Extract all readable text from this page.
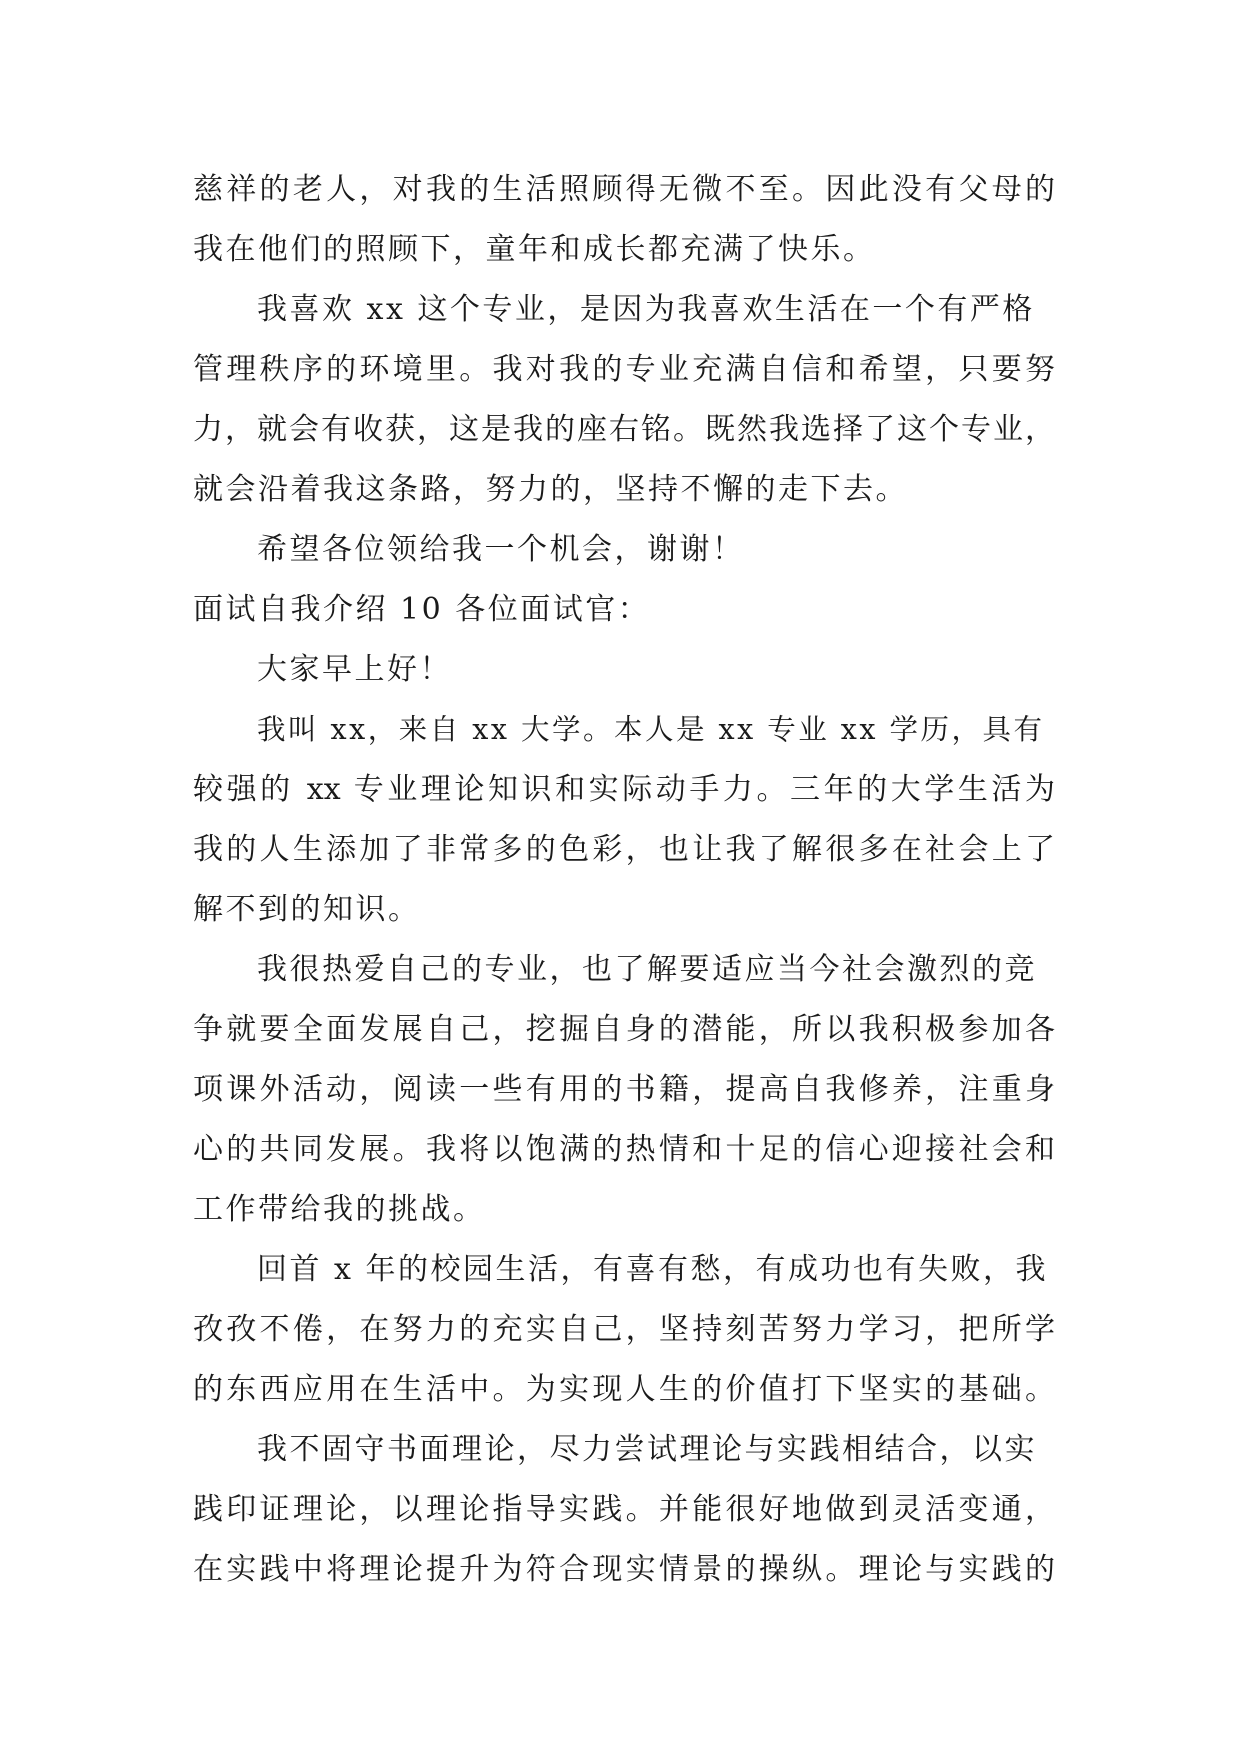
慈祥的老人，对我的生活照顾得无微不至。因此没有父母的
我在他们的照顾下，童年和成长都充满了快乐。
我喜欢 xx 这个专业，是因为我喜欢生活在一个有严格
管理秩序的环境里。我对我的专业充满自信和希望，只要努
力，就会有收获，这是我的座右铭。既然我选择了这个专业，
就会沿着我这条路，努力的，坚持不懈的走下去。
希望各位领给我一个机会，谢谢！
面试自我介绍 10 各位面试官：
大家早上好！
我叫 xx，来自 xx 大学。本人是 xx 专业 xx 学历，具有
较强的 xx 专业理论知识和实际动手力。三年的大学生活为
我的人生添加了非常多的色彩，也让我了解很多在社会上了
解不到的知识。
我很热爱自己的专业，也了解要适应当今社会激烈的竞
争就要全面发展自己，挖掘自身的潜能，所以我积极参加各
项课外活动，阅读一些有用的书籍，提高自我修养，注重身
心的共同发展。我将以饱满的热情和十足的信心迎接社会和
工作带给我的挑战。
回首 x 年的校园生活，有喜有愁，有成功也有失败，我
孜孜不倦，在努力的充实自己，坚持刻苦努力学习，把所学
的东西应用在生活中。为实现人生的价值打下坚实的基础。
我不固守书面理论，尽力尝试理论与实践相结合，以实
践印证理论，以理论指导实践。并能很好地做到灵活变通，
在实践中将理论提升为符合现实情景的操纵。理论与实践的
